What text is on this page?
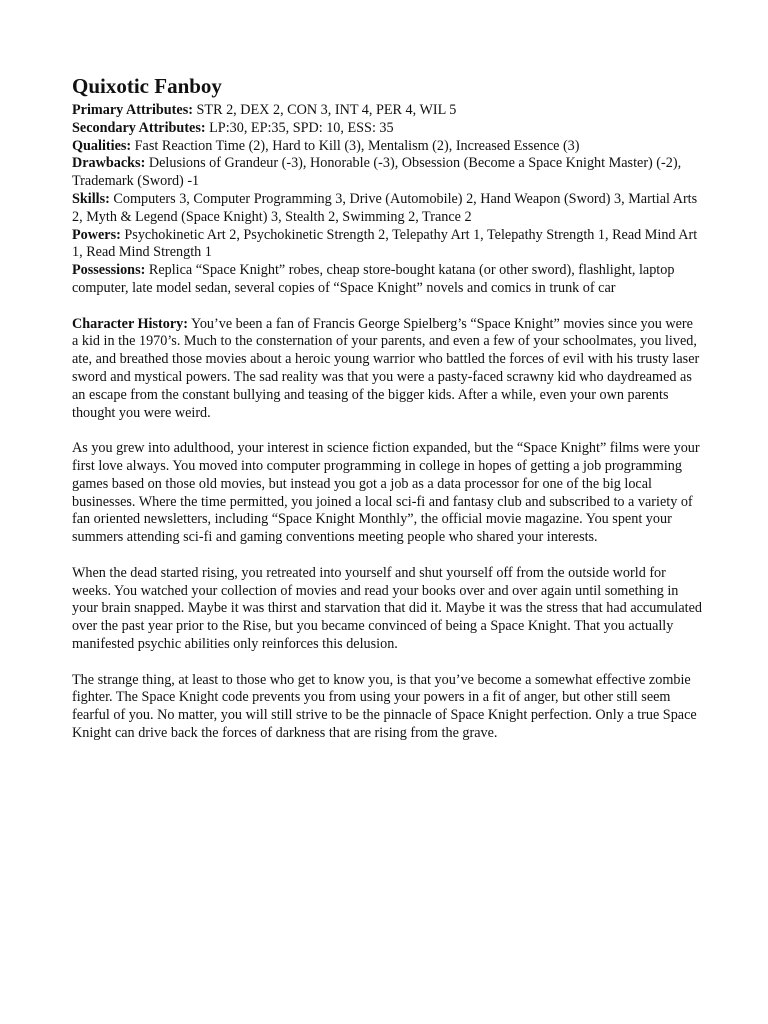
Quixotic Fanboy

Primary Attributes: STR 2, DEX 2, CON 3, INT 4, PER 4, WIL 5

Secondary Attributes: LP:30, EP:35, SPD: 10, ESS: 35

Qualities: Fast Reaction Time (2), Hard to Kill (3), Mentalism (2), Increased Essence (3)

Drawbacks: Delusions of Grandeur (-3), Honorable (-3), Obsession (Become a Space Knight Master) (-2), Trademark (Sword) -1

Skills: Computers 3, Computer Programming 3, Drive (Automobile) 2, Hand Weapon (Sword) 3, Martial Arts 2, Myth & Legend (Space Knight) 3, Stealth 2, Swimming 2, Trance 2

Powers: Psychokinetic Art 2, Psychokinetic Strength 2, Telepathy Art 1, Telepathy Strength 1, Read Mind Art 1, Read Mind Strength 1

Possessions: Replica “Space Knight” robes, cheap store-bought katana (or other sword), flashlight, laptop computer, late model sedan, several copies of “Space Knight” novels and comics in trunk of car

Character History: You’ve been a fan of Francis George Spielberg’s “Space Knight” movies since you were a kid in the 1970’s. Much to the consternation of your parents, and even a few of your schoolmates, you lived, ate, and breathed those movies about a heroic young warrior who battled the forces of evil with his trusty laser sword and mystical powers. The sad reality was that you were a pasty-faced scrawny kid who daydreamed as an escape from the constant bullying and teasing of the bigger kids. After a while, even your own parents thought you were weird.

As you grew into adulthood, your interest in science fiction expanded, but the “Space Knight” films were your first love always. You moved into computer programming in college in hopes of getting a job programming games based on those old movies, but instead you got a job as a data processor for one of the big local businesses. Where the time permitted, you joined a local sci-fi and fantasy club and subscribed to a variety of fan oriented newsletters, including “Space Knight Monthly”, the official movie magazine. You spent your summers attending sci-fi and gaming conventions meeting people who shared your interests.

When the dead started rising, you retreated into yourself and shut yourself off from the outside world for weeks. You watched your collection of movies and read your books over and over again until something in your brain snapped. Maybe it was thirst and starvation that did it. Maybe it was the stress that had accumulated over the past year prior to the Rise, but you became convinced of being a Space Knight. That you actually manifested psychic abilities only reinforces this delusion.

The strange thing, at least to those who get to know you, is that you’ve become a somewhat effective zombie fighter. The Space Knight code prevents you from using your powers in a fit of anger, but other still seem fearful of you. No matter, you will still strive to be the pinnacle of Space Knight perfection. Only a true Space Knight can drive back the forces of darkness that are rising from the grave.
